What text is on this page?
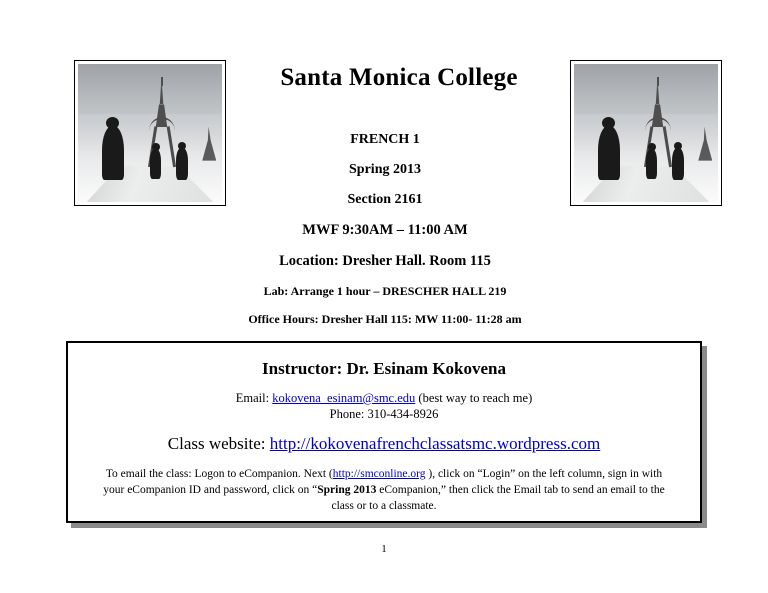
Santa Monica College
FRENCH 1
Spring 2013
Section 2161
MWF 9:30AM – 11:00 AM
Location: Dresher Hall. Room 115
Lab: Arrange 1 hour – DRESCHER HALL 219
Office Hours: Dresher Hall 115: MW 11:00- 11:28 am
Instructor: Dr. Esinam Kokovena
Email: kokovena_esinam@smc.edu (best way to reach me)
Phone: 310-434-8926
Class website: http://kokovenafrenchclassatsmc.wordpress.com
To email the class: Logon to eCompanion. Next (http://smconline.org ), click on “Login” on the left column, sign in with your eCompanion ID and password, click on “Spring 2013 eCompanion,” then click the Email tab to send an email to the class or to a classmate.
1
